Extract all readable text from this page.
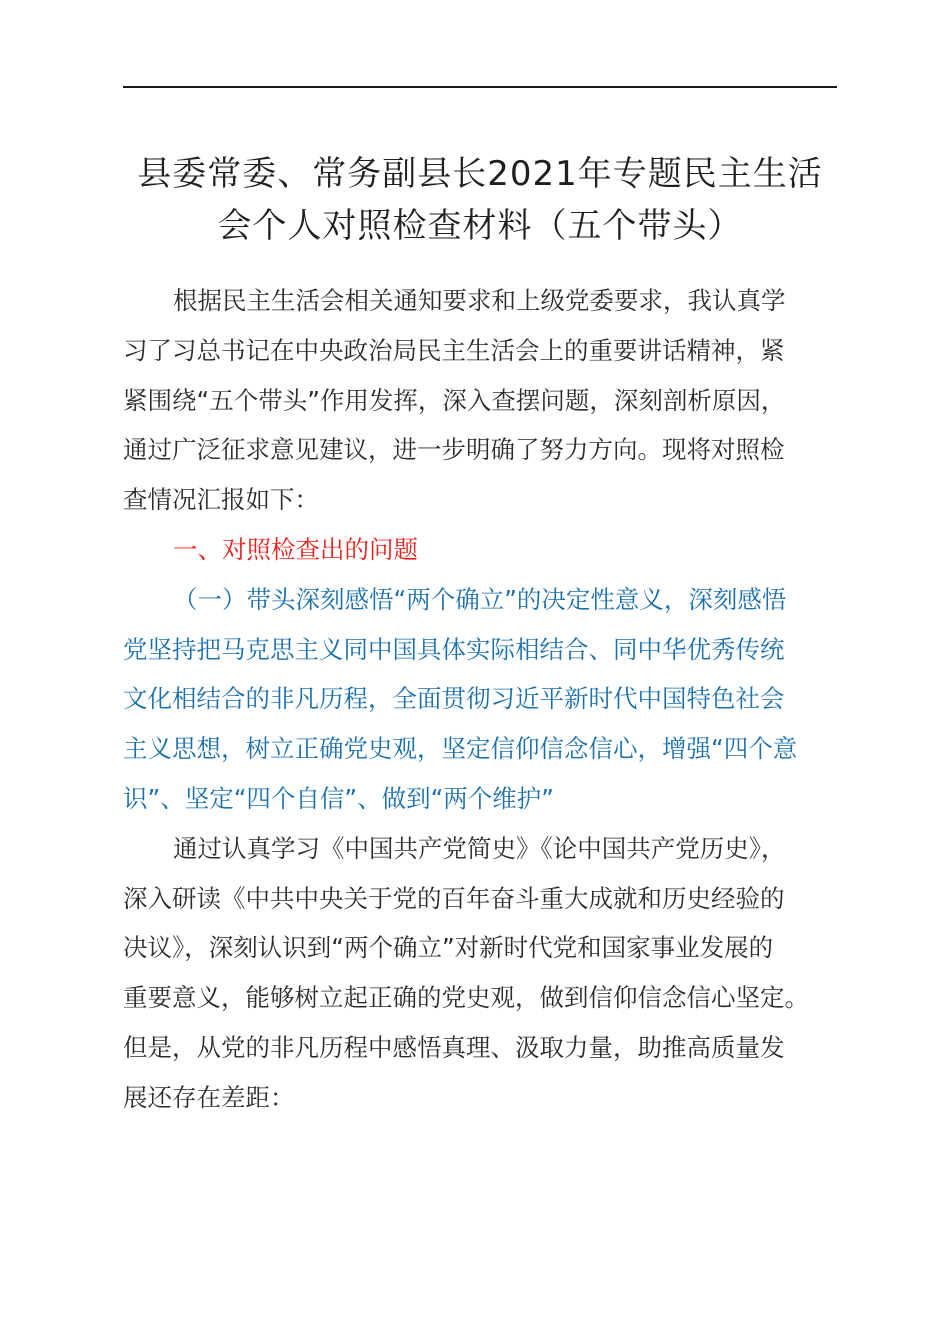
县委常委、常务副县长2021年专题民主生活
会个人对照检查材料（五个带头）
根据民主生活会相关通知要求和上级党委要求，我认真学
习了习总书记在中央政治局民主生活会上的重要讲话精神，紧
紧围绕“五个带头”作用发挥，深入查摆问题，深刻剖析原因，
通过广泛征求意见建议，进一步明确了努力方向。现将对照检
查情况汇报如下：
一、对照检查出的问题
（一）带头深刻感悟“两个确立”的决定性意义，深刻感悟
党坚持把马克思主义同中国具体实际相结合、同中华优秀传统
文化相结合的非凡历程，全面贯彻习近平新时代中国特色社会
主义思想，树立正确党史观，坚定信仰信念信心，增强“四个意
识”、坚定“四个自信”、做到“两个维护”
通过认真学习《中国共产党简史》《论中国共产党历史》，
深入研读《中共中央关于党的百年奋斗重大成就和历史经验的
决议》，深刻认识到“两个确立”对新时代党和国家事业发展的
重要意义，能够树立起正确的党史观，做到信仰信念信心坚定。
但是，从党的非凡历程中感悟真理、汲取力量，助推高质量发
展还存在差距：
